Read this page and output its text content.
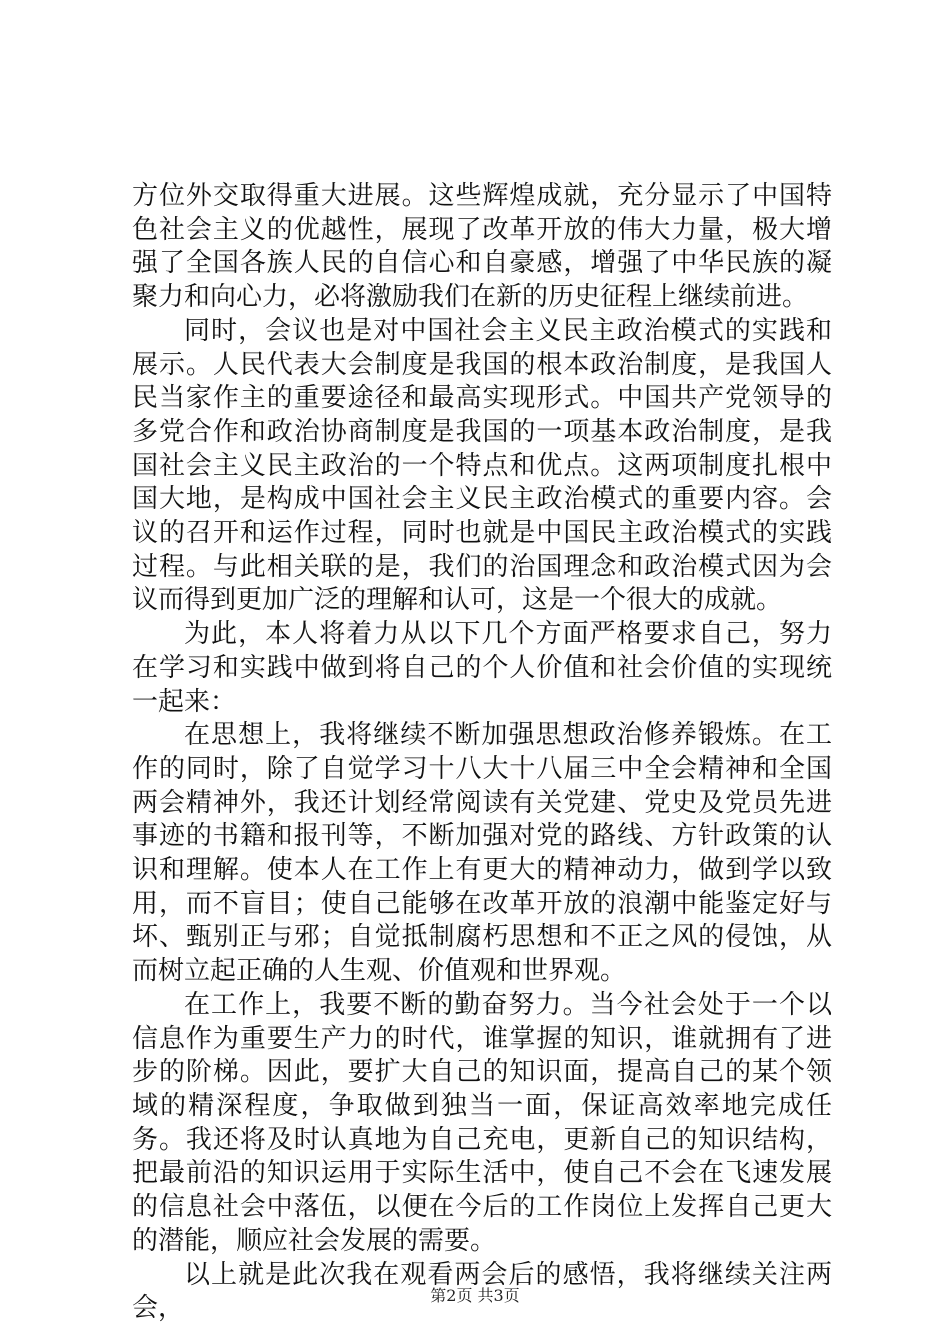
方位外交取得重大进展。这些辉煌成就，充分显示了中国特色社会主义的优越性，展现了改革开放的伟大力量，极大增强了全国各族人民的自信心和自豪感，增强了中华民族的凝聚力和向心力，必将激励我们在新的历史征程上继续前进。

同时，会议也是对中国社会主义民主政治模式的实践和展示。人民代表大会制度是我国的根本政治制度，是我国人民当家作主的重要途径和最高实现形式。中国共产党领导的多党合作和政治协商制度是我国的一项基本政治制度，是我国社会主义民主政治的一个特点和优点。这两项制度扎根中国大地，是构成中国社会主义民主政治模式的重要内容。会议的召开和运作过程，同时也就是中国民主政治模式的实践过程。与此相关联的是，我们的治国理念和政治模式因为会议而得到更加广泛的理解和认可，这是一个很大的成就。

为此，本人将着力从以下几个方面严格要求自己，努力在学习和实践中做到将自己的个人价值和社会价值的实现统一起来：

在思想上，我将继续不断加强思想政治修养锻炼。在工作的同时，除了自觉学习十八大十八届三中全会精神和全国两会精神外，我还计划经常阅读有关党建、党史及党员先进事迹的书籍和报刊等，不断加强对党的路线、方针政策的认识和理解。使本人在工作上有更大的精神动力，做到学以致用，而不盲目；使自己能够在改革开放的浪潮中能鉴定好与坏、甄别正与邪；自觉抵制腐朽思想和不正之风的侵蚀，从而树立起正确的人生观、价值观和世界观。

在工作上，我要不断的勤奋努力。当今社会处于一个以信息作为重要生产力的时代，谁掌握的知识，谁就拥有了进步的阶梯。因此，要扩大自己的知识面，提高自己的某个领域的精深程度，争取做到独当一面，保证高效率地完成任务。我还将及时认真地为自己充电，更新自己的知识结构，把最前沿的知识运用于实际生活中，使自己不会在飞速发展的信息社会中落伍，以便在今后的工作岗位上发挥自己更大的潜能，顺应社会发展的需要。

以上就是此次我在观看两会后的感悟，我将继续关注两会，	第2页 共3页
